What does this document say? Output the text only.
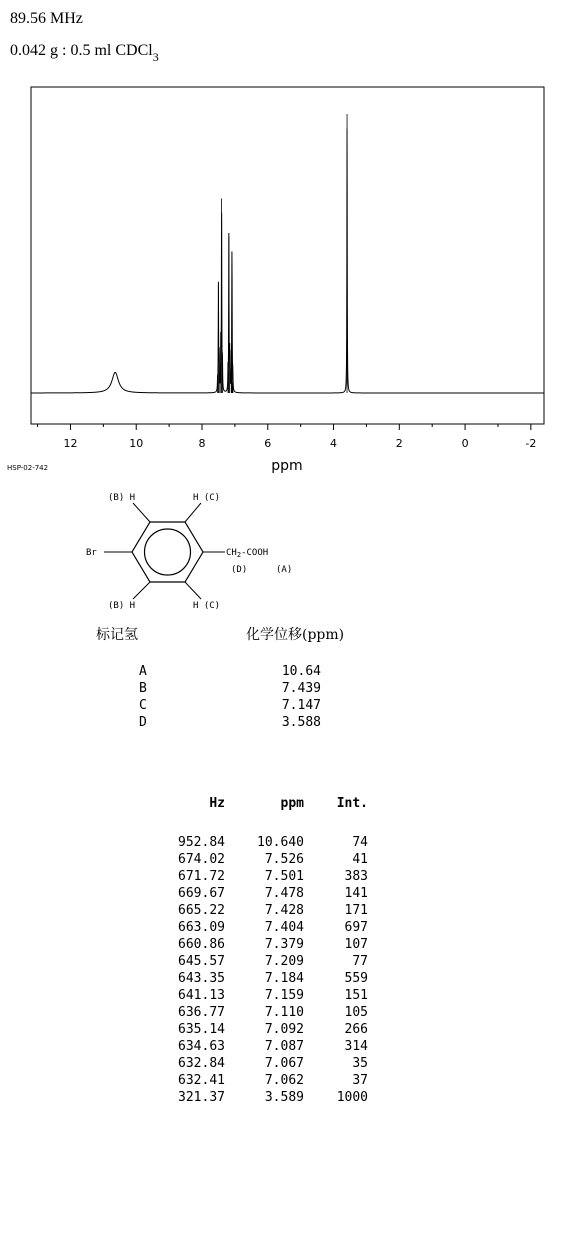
89.56 MHz
0.042 g : 0.5 ml CDCl$_3$
12	10	8	6	4	2	0	-2
ppm
HSP-02-742
(B) H	H (C)
Br	$CH_2$-COOH
(D)	(A)
(B) H	H (C)
标记氢	化学位移(ppm)
A	10.64
B	7.439
C	7.147
D	3.588
Hz	ppm	Int.
952.84	10.640	74
674.02	7.526	41
671.72	7.501	383
669.67	7.478	141
665.22	7.428	171
663.09	7.404	697
660.86	7.379	107
645.57	7.209	77
643.35	7.184	559
641.13	7.159	151
636.77	7.110	105
635.14	7.092	266
634.63	7.087	314
632.84	7.067	35
632.41	7.062	37
321.37	3.589	1000
